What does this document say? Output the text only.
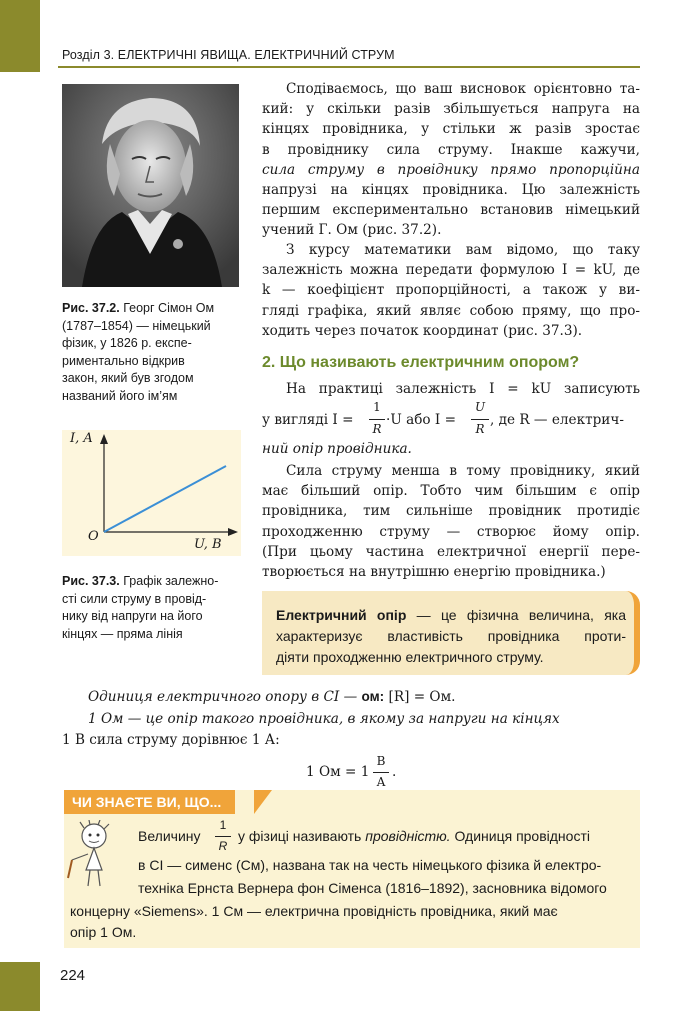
Розділ 3. ЕЛЕКТРИЧНІ ЯВИЩА. ЕЛЕКТРИЧНИЙ СТРУМ
Рис. 37.2. Георг Сімон Ом
(1787–1854) — німецький
фізик, у 1826 р. експе-
риментально відкрив
закон, який був згодом
названий його ім’ям
I, A
U, B
O
Рис. 37.3. Графік залежно-
сті сили струму в провід-
нику від напруги на його
кінцях — пряма лінія
Сподіваємось, що ваш висновок орієнтовно та-
кий: у скільки разів збільшується напруга на
кінцях провідника, у стільки ж разів зростає
в провіднику сила струму. Інакше кажучи,
сила струму в провіднику прямо пропорційна
напрузі на кінцях провідника. Цю залежність
першим експериментально встановив німецький
учений Г. Ом (рис. 37.2).
З курсу математики вам відомо, що таку
залежність можна передати формулою I = kU, де
k — коефіцієнт пропорційності, а також у ви-
гляді графіка, який являє собою пряму, що про-
ходить через початок координат (рис. 37.3).
2. Що називають електричним опором?
На практиці залежність I = kU записують
у вигляді I =
1
R
·U або I =
U
R
, де R — електрич-
ний опір провідника.
Сила струму менша в тому провіднику, який
має більший опір. Тобто чим більшим є опір
провідника, тим сильніше провідник протидіє
проходженню струму — створює йому опір.
(При цьому частина електричної енергії пере-
творюється на внутрішню енергію провідника.)
Електричний опір — це фізична величина, яка
характеризує властивість провідника проти-
діяти проходженню електричного струму.
Одиниця електричного опору в СІ — ом: [R] = Ом.
1 Ом — це опір такого провідника, в якому за напруги на кінцях
1 В сила струму дорівнює 1 А:
1 Ом = 1
В
А
.
ЧИ ЗНАЄТЕ ВИ, ЩО...
Величину
1
R
у фізиці називають провідністю. Одиниця провідності
в СІ — сименс (См), названа так на честь німецького фізика й електро-
техніка Ернста Вернера фон Сіменса (1816–1892), засновника відомого
концерну «Siemens». 1 См — електрична провідність провідника, який має
опір 1 Ом.
224
